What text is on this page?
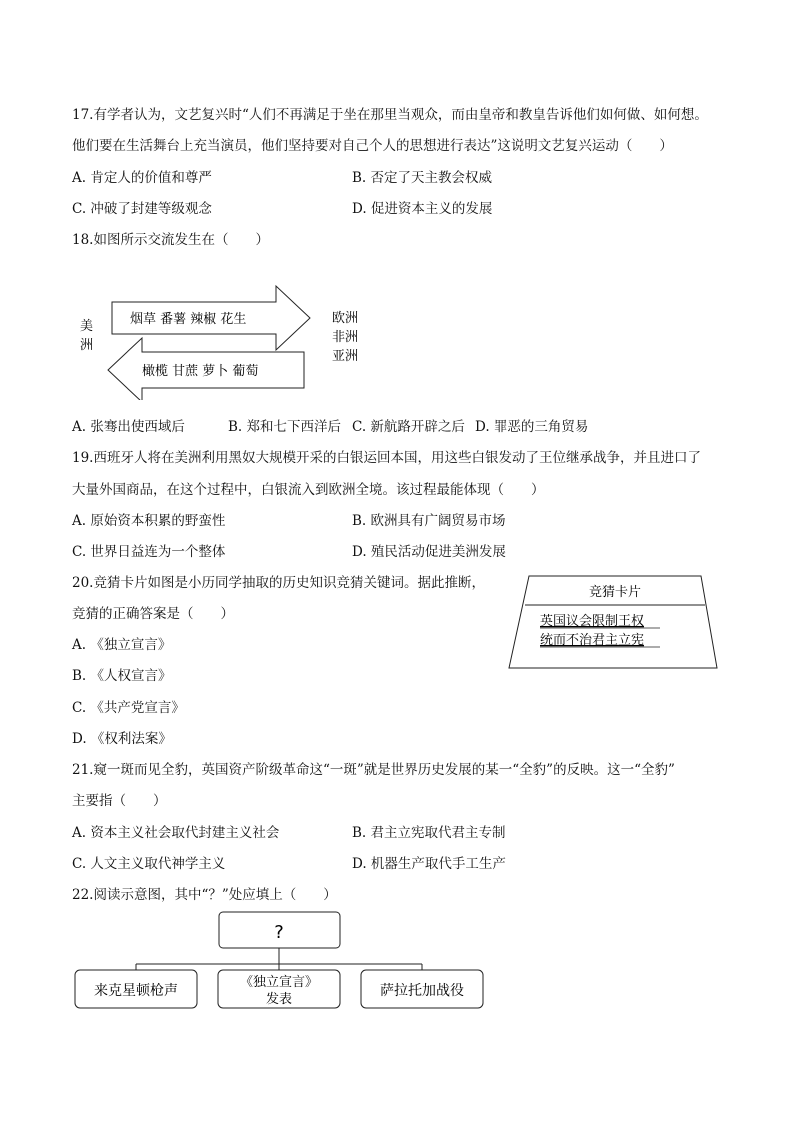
17.有学者认为，文艺复兴时“人们不再满足于坐在那里当观众，而由皇帝和教皇告诉他们如何做、如何想。
他们要在生活舞台上充当演员，他们坚持要对自己个人的思想进行表达”这说明文艺复兴运动（　　）
A. 肯定人的价值和尊严	B. 否定了天主教会权威
C. 冲破了封建等级观念	D. 促进资本主义的发展
18.如图所示交流发生在（　　）
美
洲
烟草 番薯 辣椒 花生
橄榄 甘蔗 萝卜 葡萄
欧洲
非洲
亚洲
A. 张骞出使西域后	B. 郑和七下西洋后 C. 新航路开辟之后 D. 罪恶的三角贸易
19.西班牙人将在美洲利用黑奴大规模开采的白银运回本国，用这些白银发动了王位继承战争，并且进口了
大量外国商品，在这个过程中，白银流入到欧洲全境。该过程最能体现（　　）
A. 原始资本积累的野蛮性	B. 欧洲具有广阔贸易市场
C. 世界日益连为一个整体	D. 殖民活动促进美洲发展
20.竞猜卡片如图是小历同学抽取的历史知识竞猜关键词。据此推断，
竞猜的正确答案是（　　）
A. 《独立宣言》
B. 《人权宣言》
C. 《共产党宣言》
D. 《权利法案》
竞猜卡片
英国议会限制王权
统而不治君主立宪
21.窥一斑而见全豹，英国资产阶级革命这“一斑”就是世界历史发展的某一“全豹”的反映。这一“全豹”
主要指（　　）
A. 资本主义社会取代封建主义社会	B. 君主立宪取代君主专制
C. 人文主义取代神学主义	D. 机器生产取代手工生产
22.阅读示意图，其中“？”处应填上（　　）
?
来克星顿枪声
《独立宣言》
发表
萨拉托加战役
